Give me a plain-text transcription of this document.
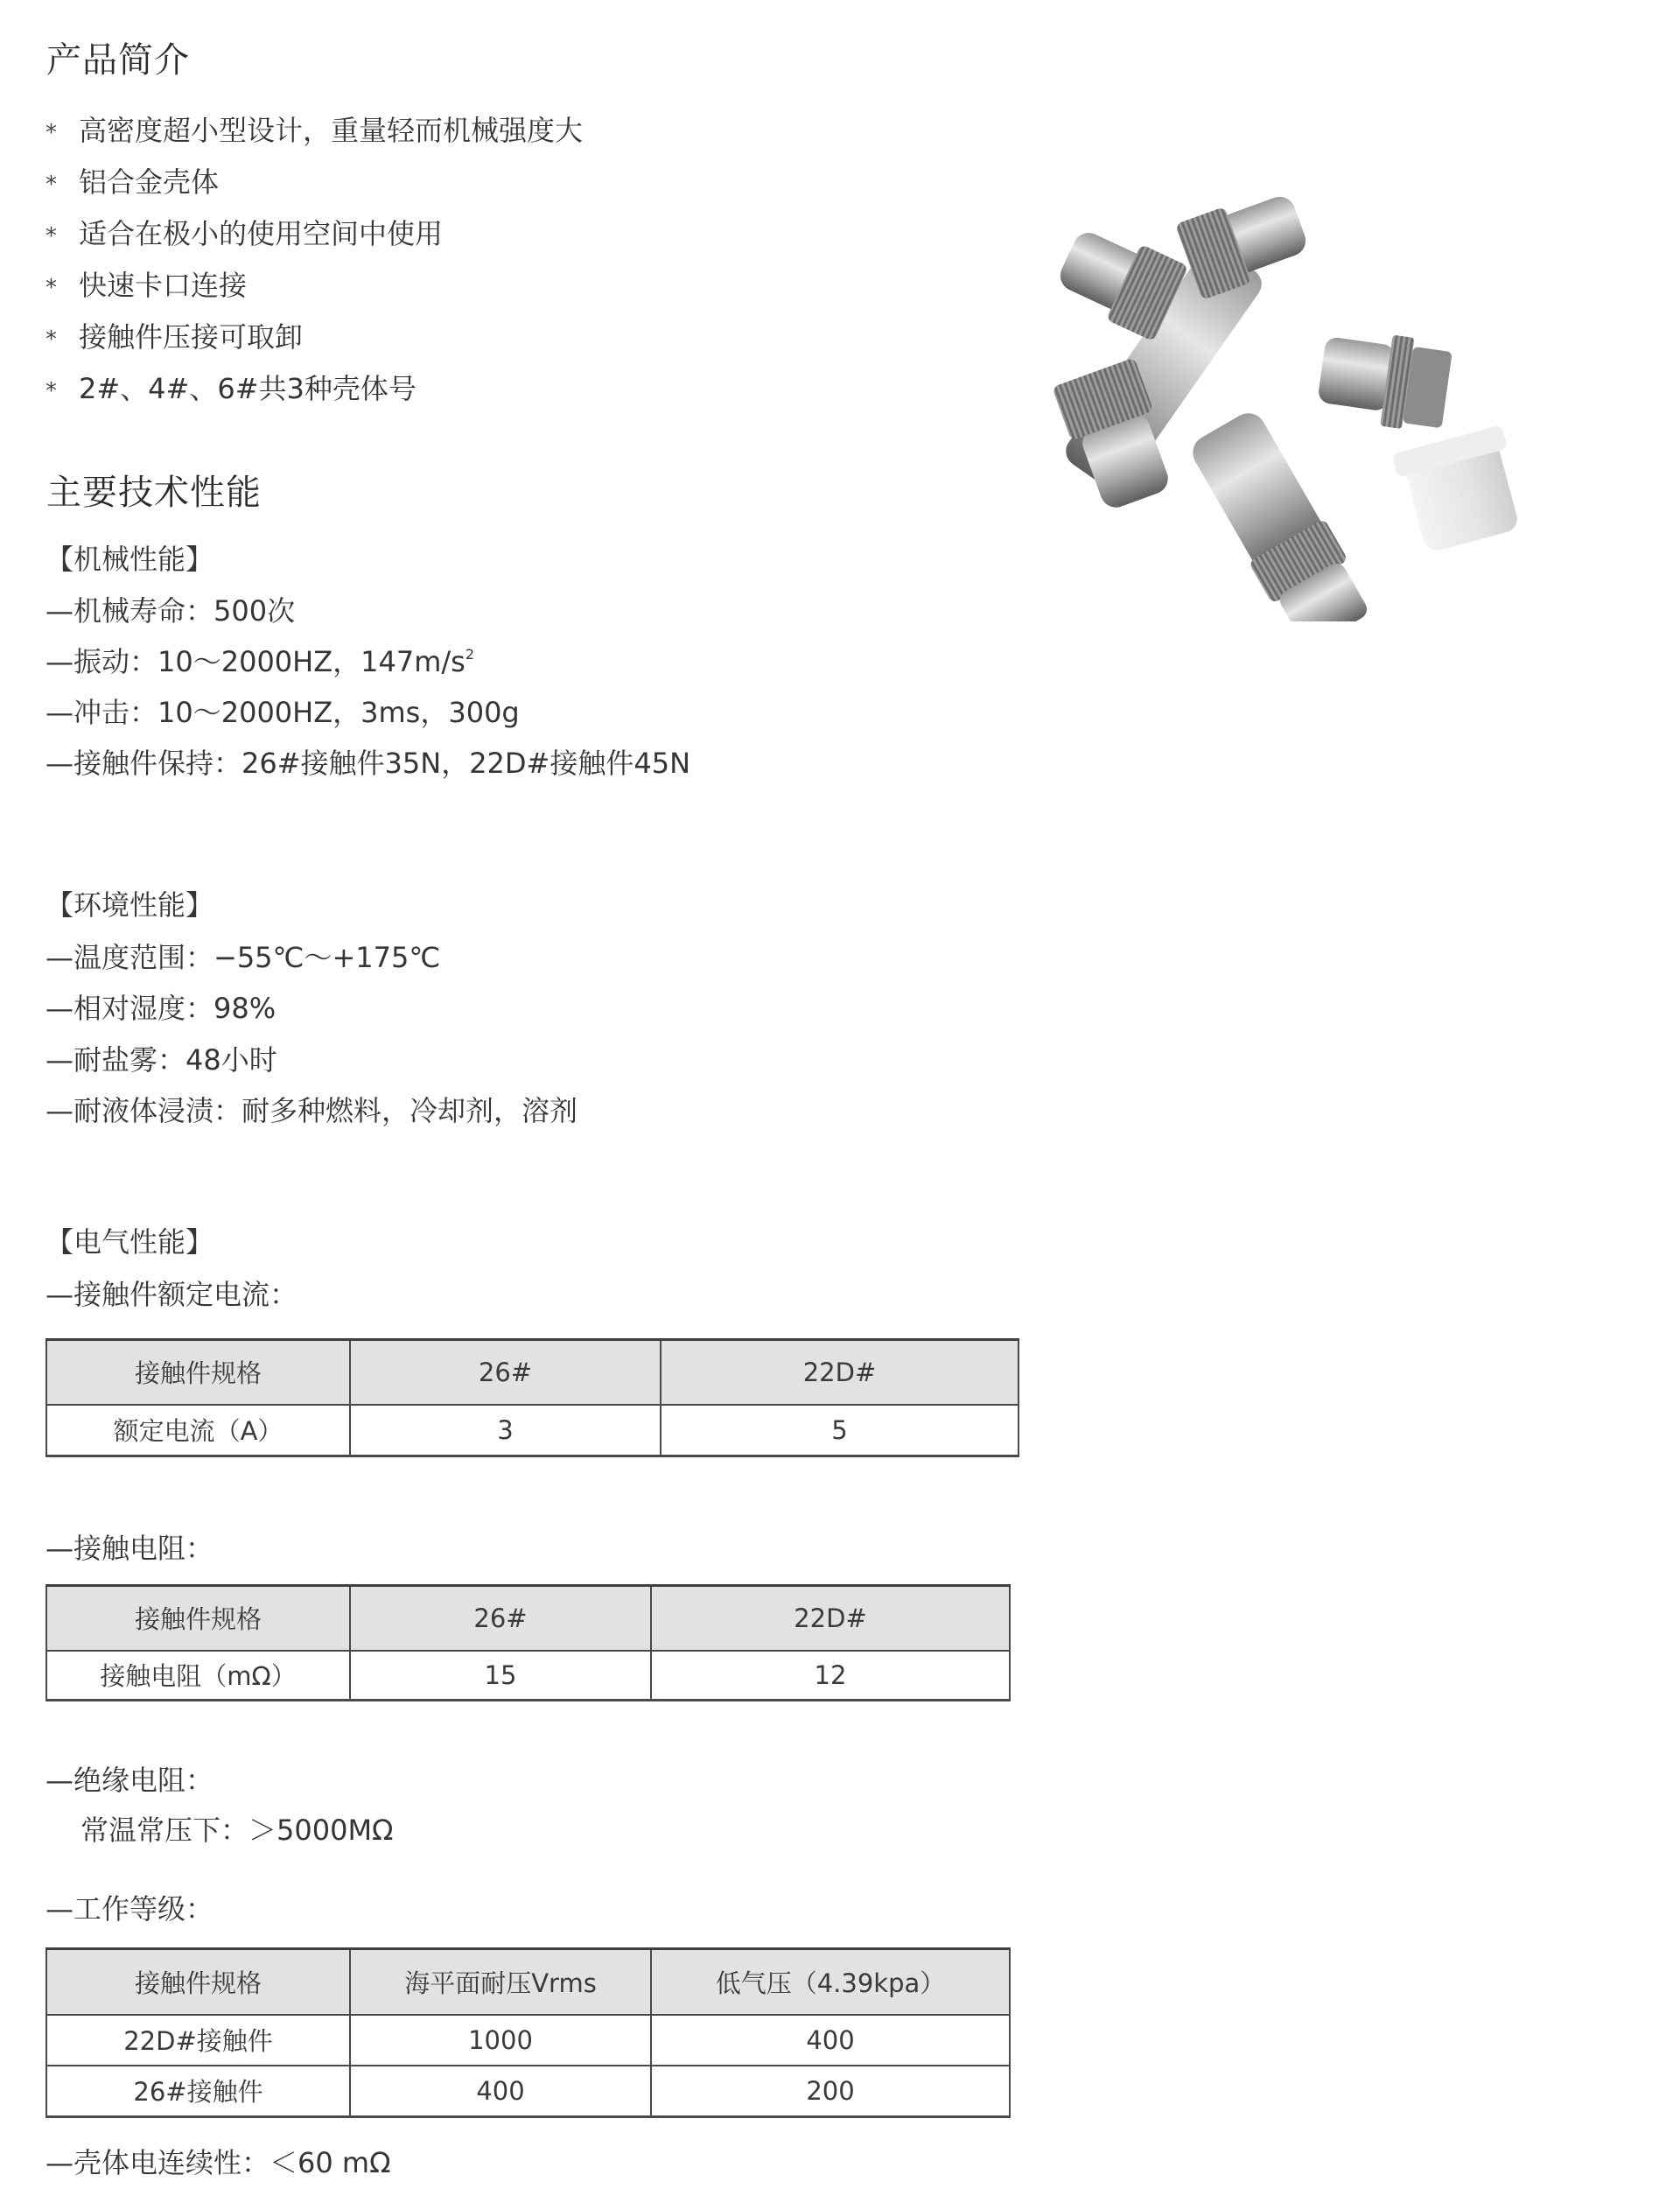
产品简介
* 高密度超小型设计，重量轻而机械强度大
* 铝合金壳体
* 适合在极小的使用空间中使用
* 快速卡口连接
* 接触件压接可取卸
* 2#、4#、6#共3种壳体号
主要技术性能
【机械性能】
—机械寿命：500次
—振动：10～2000HZ，$147m/s^2$
—冲击：10～2000HZ，3ms，300g
—接触件保持：26#接触件35N，22D#接触件45N
【环境性能】
—温度范围：−55℃～+175℃
—相对湿度：98%
—耐盐雾：48小时
—耐液体浸渍：耐多种燃料，冷却剂，溶剂
【电气性能】
—接触件额定电流：
接触件规格	26#	22D#
额定电流（A）	3	5
—接触电阻：
接触件规格	26#	22D#
接触电阻（mΩ）	15	12
—绝缘电阻：
常温常压下：＞5000MΩ
—工作等级：
接触件规格	海平面耐压Vrms	低气压（4.39kpa）
22D#接触件	1000	400
26#接触件	400	200
—壳体电连续性：＜60 mΩ
